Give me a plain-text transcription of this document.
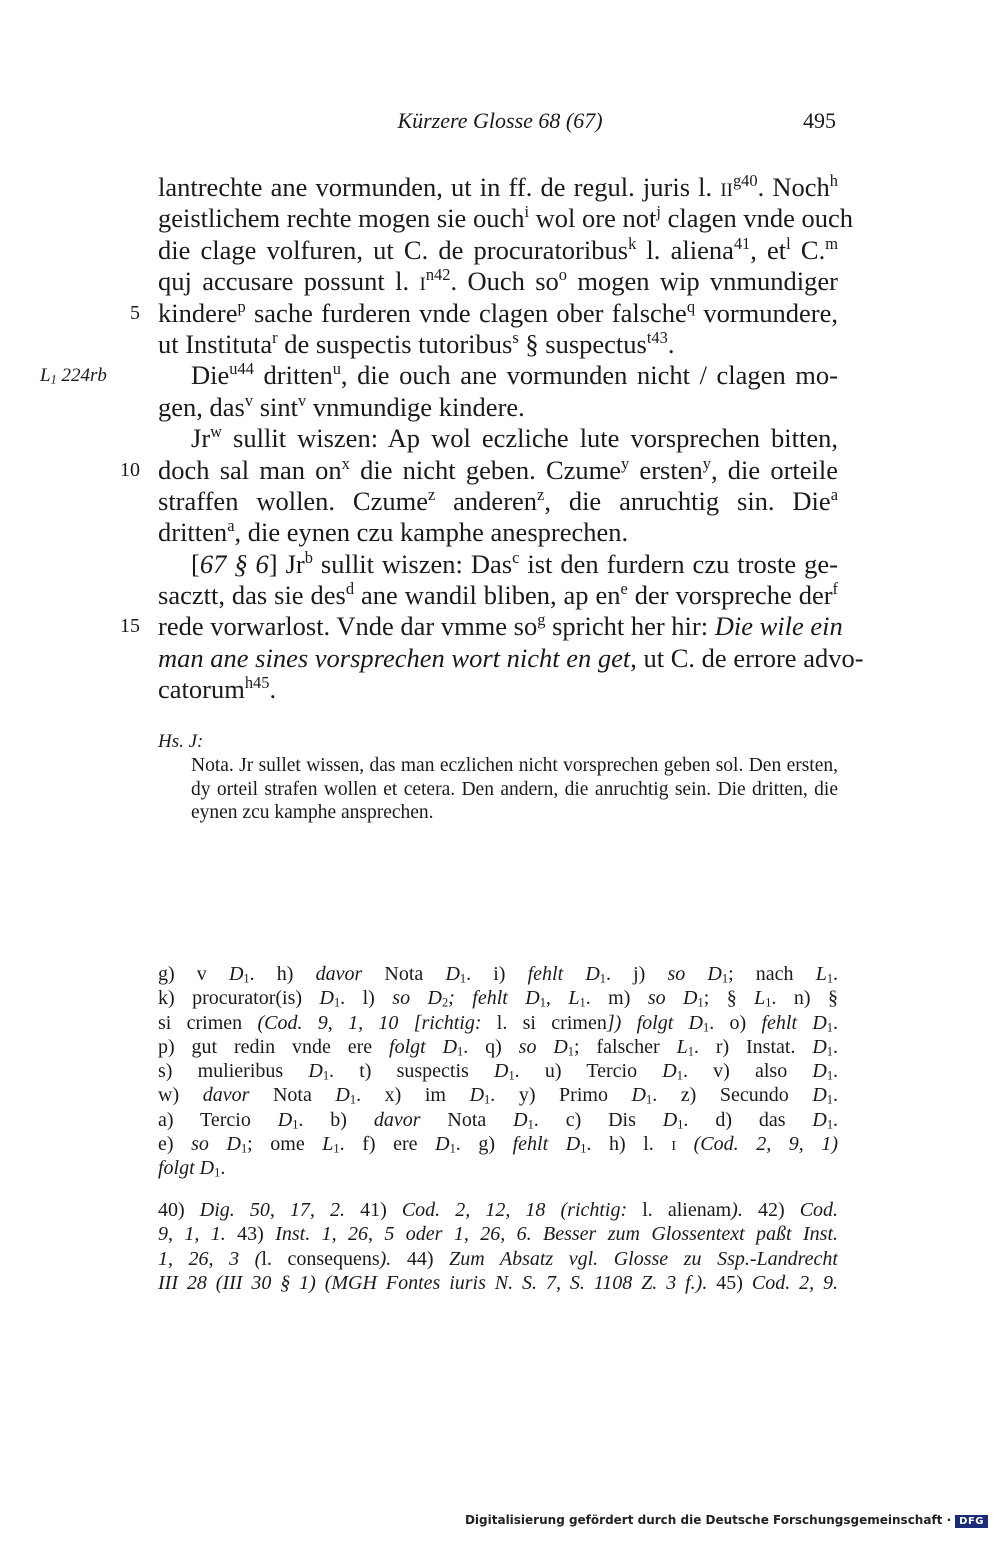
Kürzere Glosse 68 (67)	495
lantrechte ane vormunden, ut in ff. de regul. juris l. $ii^{g40}$. Noch$^h$
geistlichem rechte mogen sie ouch$^i$ wol ore not$^j$ clagen vnde ouch
die clage volfuren, ut C. de procuratoribus$^k$ l. aliena$^{41}$, $et^l$ C.$^m$
quj accusare possunt l. $i^{n42}$. Ouch $so^o$ mogen wip vnmundiger
5 kindere$^p$ sache furderen vnde clagen ober falsche$^q$ vormundere,
ut Instituta$^r$ de suspectis tutoribus$^s$ § suspectus$^{t43}$.
$L_1$ 224rb	Die$^{u44}$ dritten$^u$, die ouch ane vormunden nicht / clagen mo-
gen, das$^v$ sint$^v$ vnmundige kindere.
Jr$^w$ sullit wiszen: Ap wol eczliche lute vorsprechen bitten,
10 doch sal man $on^x$ die nicht geben. Czume$^y$ ersten$^y$, die orteile
straffen wollen. Czume$^z$ anderen$^z$, die anruchtig sin. Die$^a$
dritten$^a$, die eynen czu kamphe anesprechen.
[67 § 6] Jr$^b$ sullit wiszen: Das$^c$ ist den furdern czu troste ge-
sacztt, das sie des$^d$ ane wandil bliben, ap $en^e$ der vorspreche der$^f$
15 rede vorwarlost. Vnde dar vmme $so^g$ spricht her hir: Die wile ein
man ane sines vorsprechen wort nicht en get, ut C. de errore advo-
catorum$^{h45}$.
Hs. J:
Nota. Jr sullet wissen, das man eczlichen nicht vorsprechen geben sol. Den ersten, dy orteil strafen wollen et cetera. Den andern, die anruchtig sein. Die dritten, die eynen zcu kamphe ansprechen.
g) v $D_1$. h) davor Nota $D_1$. i) fehlt $D_1$. j) so $D_1$; nach $L_1$.
k) procurator(is) $D_1$. l) so $D_2$; fehlt $D_1$, $L_1$. m) so $D_1$; § $L_1$. n) §
si crimen (Cod. 9, 1, 10 [richtig: l. si crimen]) folgt $D_1$. o) fehlt $D_1$.
p) gut redin vnde ere folgt $D_1$. q) so $D_1$; falscher $L_1$. r) Instat. $D_1$.
s) mulieribus $D_1$. t) suspectis $D_1$. u) Tercio $D_1$. v) also $D_1$.
w) davor Nota $D_1$. x) im $D_1$. y) Primo $D_1$. z) Secundo $D_1$.
a) Tercio $D_1$. b) davor Nota $D_1$. c) Dis $D_1$. d) das $D_1$.
e) so $D_1$; ome $L_1$. f) ere $D_1$. g) fehlt $D_1$. h) l. i (Cod. 2, 9, 1)
folgt $D_1$.
40) Dig. 50, 17, 2. 41) Cod. 2, 12, 18 (richtig: l. alienam). 42) Cod.
9, 1, 1. 43) Inst. 1, 26, 5 oder 1, 26, 6. Besser zum Glossentext paßt Inst.
1, 26, 3 (l. consequens). 44) Zum Absatz vgl. Glosse zu Ssp.-Landrecht
III 28 (III 30 § 1) (MGH Fontes iuris N. S. 7, S. 1108 Z. 3 f.). 45) Cod. 2, 9.
Digitalisierung gefördert durch die Deutsche Forschungsgemeinschaft · DFG
